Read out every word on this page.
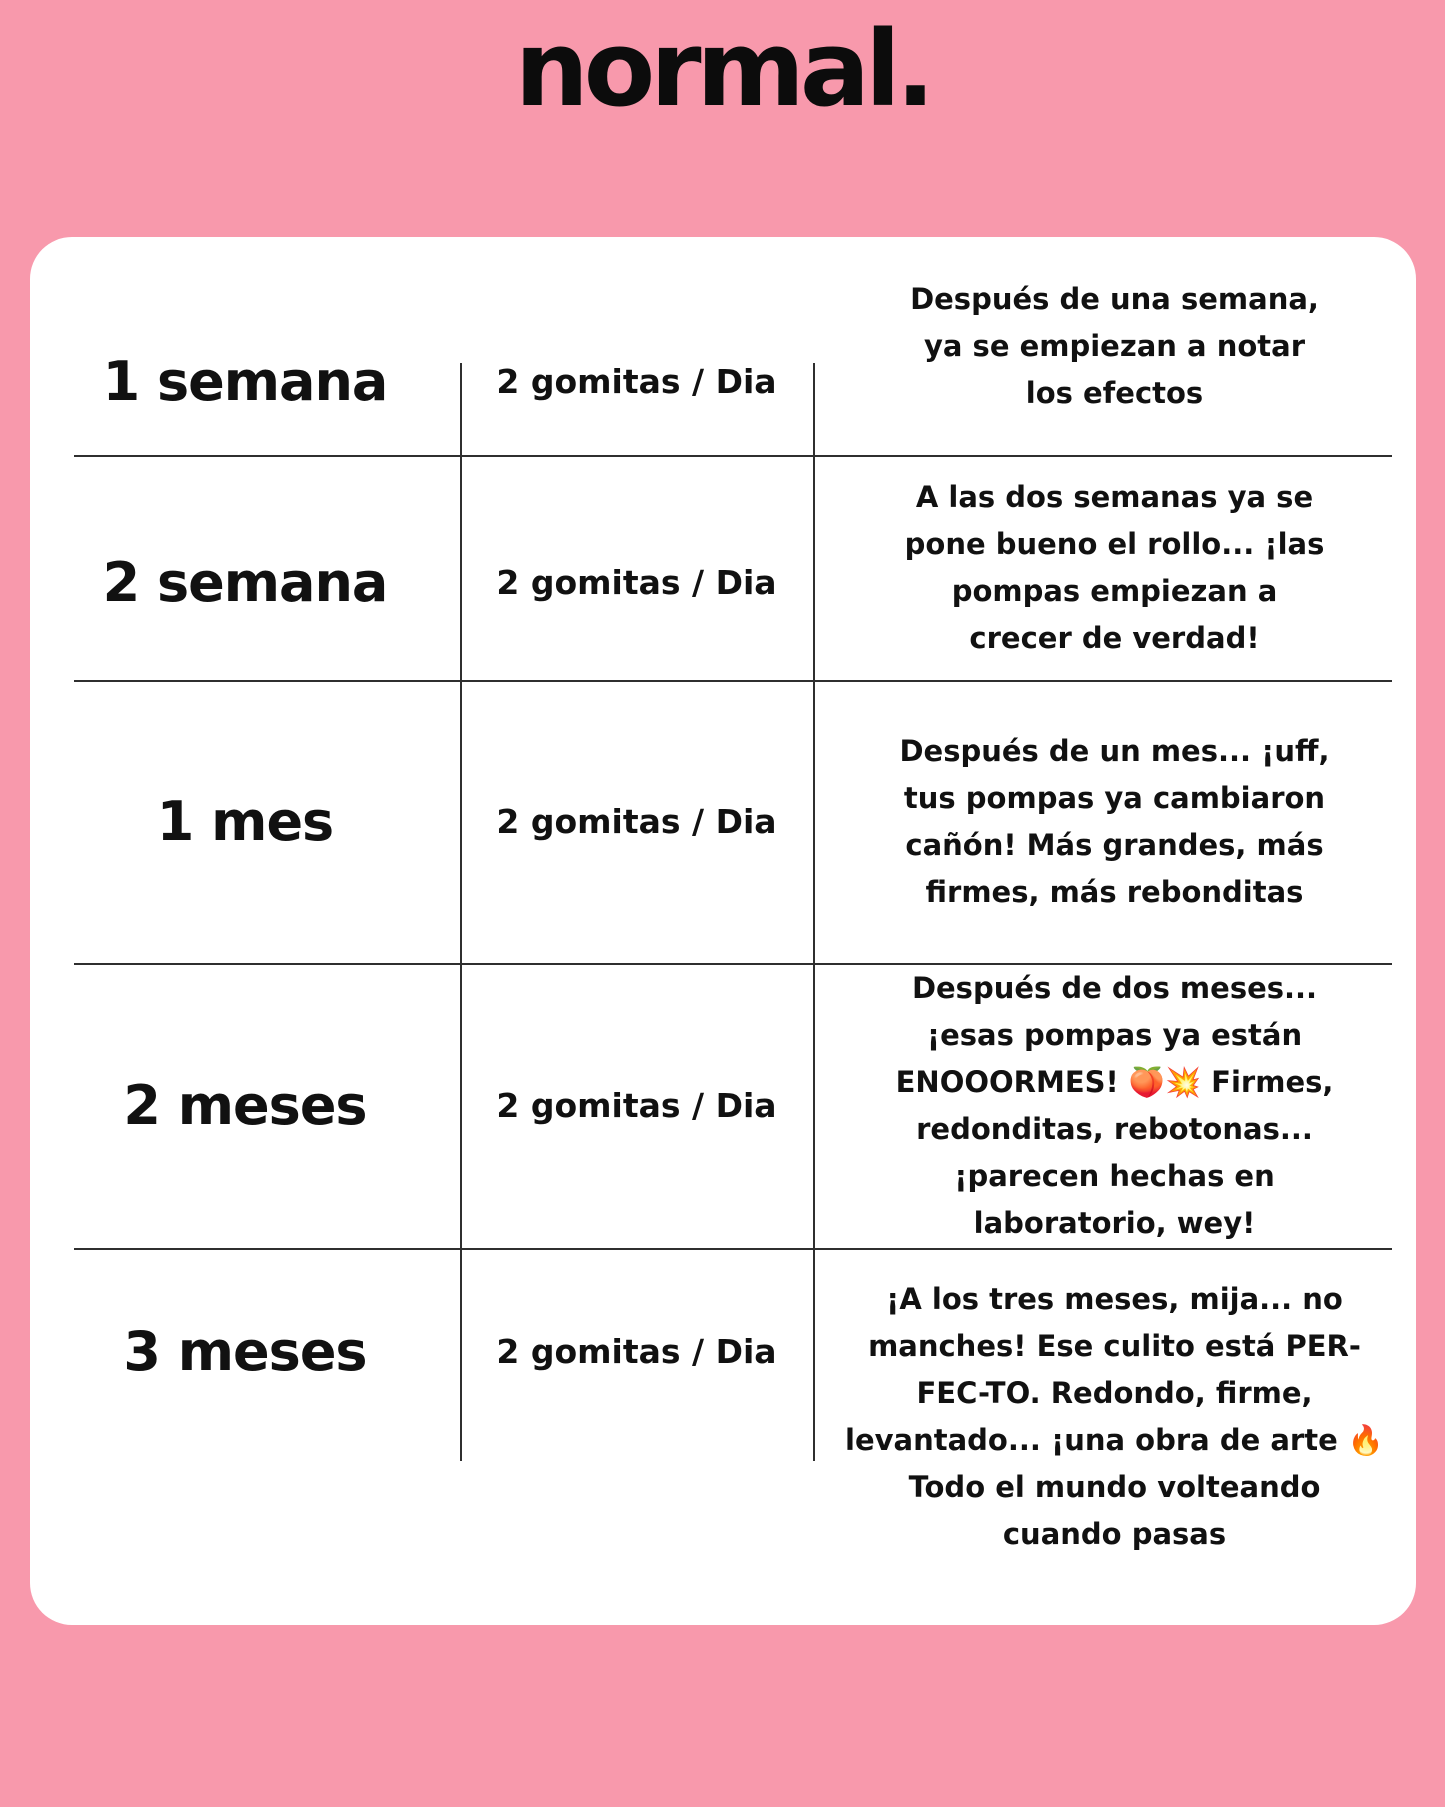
normal.
1 semana	2 gomitas / Dia
Después de una semana,
ya se empiezan a notar
los efectos
2 semana	2 gomitas / Dia
A las dos semanas ya se
pone bueno el rollo... ¡las
pompas empiezan a
crecer de verdad!
1 mes	2 gomitas / Dia
Después de un mes... ¡uff,
tus pompas ya cambiaron
cañón! Más grandes, más
firmes, más rebonditas
2 meses	2 gomitas / Dia
Después de dos meses...
¡esas pompas ya están
ENOOORMES! 🍑💥 Firmes,
redonditas, rebotonas...
¡parecen hechas en
laboratorio, wey!
3 meses	2 gomitas / Dia
¡A los tres meses, mija... no
manches! Ese culito está PER-
FEC-TO. Redondo, firme,
levantado... ¡una obra de arte 🔥
Todo el mundo volteando
cuando pasas
